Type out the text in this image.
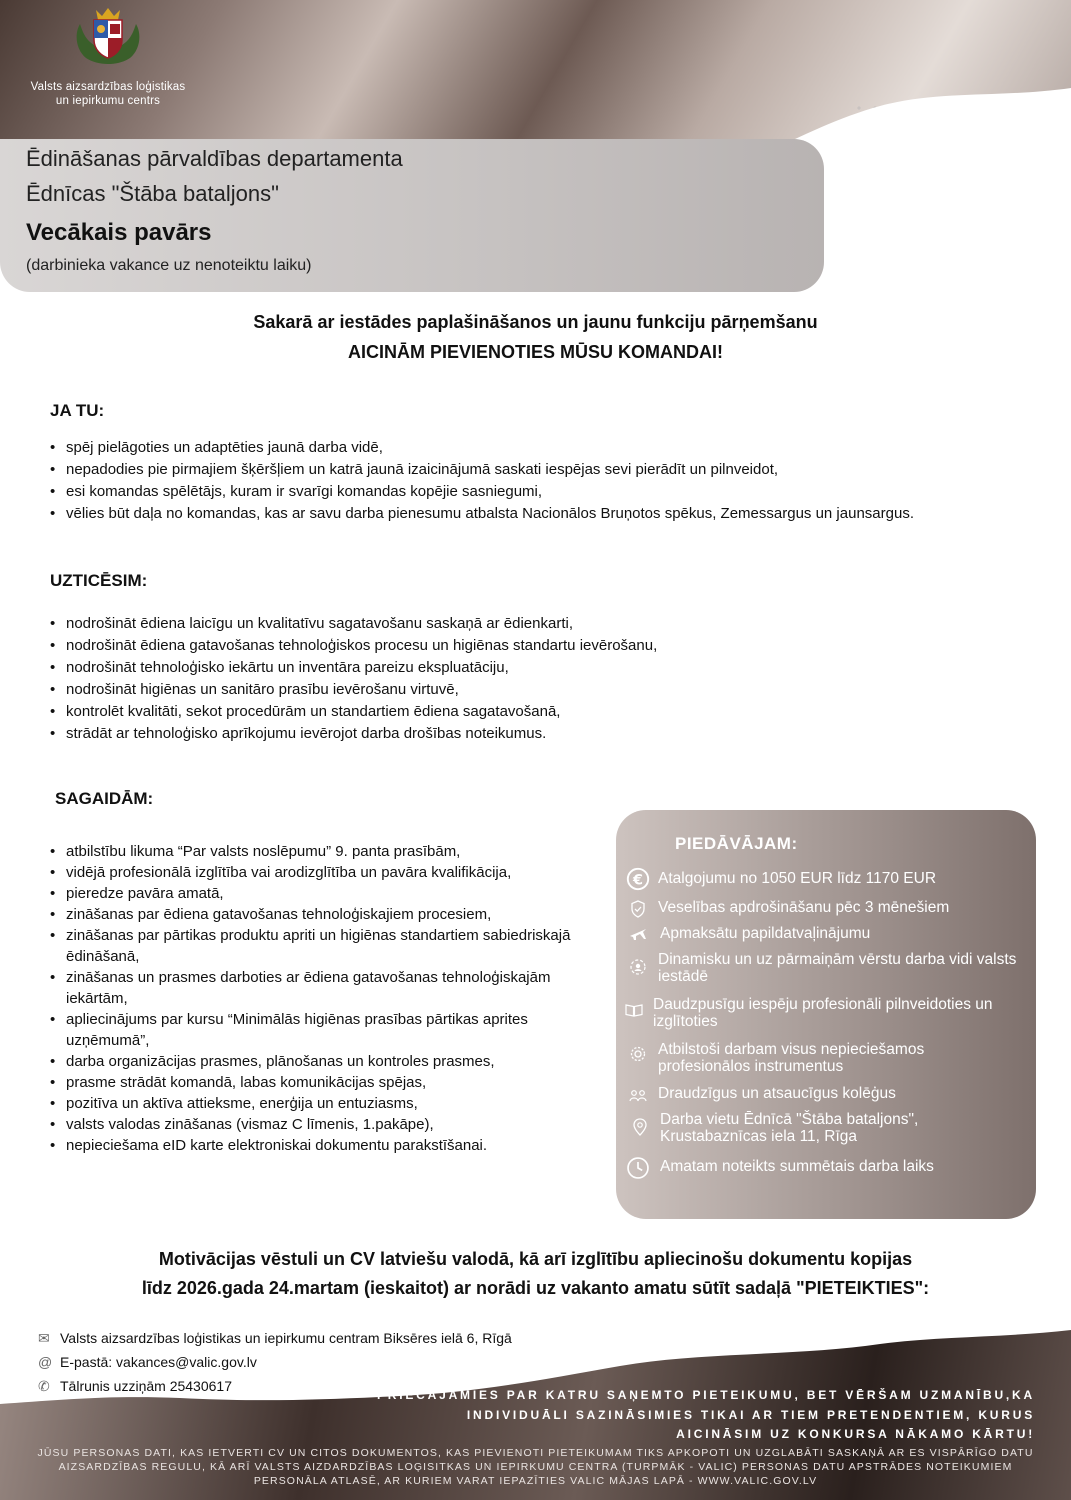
Valsts aizsardzības loģistikas
un iepirkumu centrs
Ēdināšanas pārvaldības departamenta
Ēdnīcas "Štāba bataljons"
Vecākais pavārs
(darbinieka vakance uz nenoteiktu laiku)
Sakarā ar iestādes paplašināšanos un jaunu funkciju pārņemšanu
AICINĀM PIEVIENOTIES MŪSU KOMANDAI!
JA TU:
• spēj pielāgoties un adaptēties jaunā darba vidē,
• nepadodies pie pirmajiem šķēršļiem un katrā jaunā izaicinājumā saskati iespējas sevi pierādīt un pilnveidot,
• esi komandas spēlētājs, kuram ir svarīgi komandas kopējie sasniegumi,
• vēlies būt daļa no komandas, kas ar savu darba pienesumu atbalsta Nacionālos Bruņotos spēkus, Zemessargus un jaunsargus.
UZTICĒSIM:
• nodrošināt ēdiena laicīgu un kvalitatīvu sagatavošanu saskaņā ar ēdienkarti,
• nodrošināt ēdiena gatavošanas tehnoloģiskos procesu un higiēnas standartu ievērošanu,
• nodrošināt tehnoloģisko iekārtu un inventāra pareizu ekspluatāciju,
• nodrošināt higiēnas un sanitāro prasību ievērošanu virtuvē,
• kontrolēt kvalitāti, sekot procedūrām un standartiem ēdiena sagatavošanā,
• strādāt ar tehnoloģisko aprīkojumu ievērojot darba drošības noteikumus.
SAGAIDĀM:
• atbilstību likuma “Par valsts noslēpumu” 9. panta prasībām,
• vidējā profesionālā izglītība vai arodizglītība un pavāra kvalifikācija,
• pieredze pavāra amatā,
• zināšanas par ēdiena gatavošanas tehnoloģiskajiem procesiem,
• zināšanas par pārtikas produktu apriti un higiēnas standartiem sabiedriskajā ēdināšanā,
• zināšanas un prasmes darboties ar ēdiena gatavošanas tehnoloģiskajām iekārtām,
• apliecinājums par kursu “Minimālās higiēnas prasības pārtikas aprites uzņēmumā”,
• darba organizācijas prasmes, plānošanas un kontroles prasmes,
• prasme strādāt komandā, labas komunikācijas spējas,
• pozitīva un aktīva attieksme, enerģija un entuziasms,
• valsts valodas zināšanas (vismaz C līmenis, 1.pakāpe),
• nepieciešama eID karte elektroniskai dokumentu parakstīšanai.
PIEDĀVĀJAM:
€ Atalgojumu no 1050 EUR līdz 1170 EUR
Veselības apdrošināšanu pēc 3 mēnešiem
Apmaksātu papildatvaļinājumu
Dinamisku un uz pārmaiņām vērstu darba vidi valsts iestādē
Daudzpusīgu iespēju profesionāli pilnveidoties un izglītoties
Atbilstoši darbam visus nepieciešamos profesionālos instrumentus
Draudzīgus un atsaucīgus kolēģus
Darba vietu Ēdnīcā "Štāba bataljons", Krustabaznīcas iela 11, Rīga
Amatam noteikts summētais darba laiks
Motivācijas vēstuli un CV latviešu valodā, kā arī izglītību apliecinošu dokumentu kopijas
līdz 2026.gada 24.martam (ieskaitot) ar norādi uz vakanto amatu sūtīt sadaļā "PIETEIKTIES":
✉ Valsts aizsardzības loģistikas un iepirkumu centram Biksēres ielā 6, Rīgā
@ E-pastā: vakances@valic.gov.lv
✆ Tālrunis uzziņām 25430617
PRIECĀJAMIES PAR KATRU SAŅEMTO PIETEIKUMU, BET VĒRŠAM UZMANĪBU,KA INDIVIDUĀLI SAZINĀSIMIES TIKAI AR TIEM PRETENDENTIEM, KURUS AICINĀSIM UZ KONKURSA NĀKAMO KĀRTU!
JŪSU PERSONAS DATI, KAS IETVERTI CV UN CITOS DOKUMENTOS, KAS PIEVIENOTI PIETEIKUMAM TIKS APKOPOTI UN UZGLABĀTI SASKAŅĀ AR ES VISPĀRĪGO DATU AIZSARDZĪBAS REGULU, KĀ ARĪ VALSTS AIZDARDZĪBAS LOĢISITKAS UN IEPIRKUMU CENTRA (TURPMĀK - VALIC) PERSONAS DATU APSTRĀDES NOTEIKUMIEM PERSONĀLA ATLASĒ, AR KURIEM VARAT IEPAZĪTIES VALIC MĀJAS LAPĀ - WWW.VALIC.GOV.LV
